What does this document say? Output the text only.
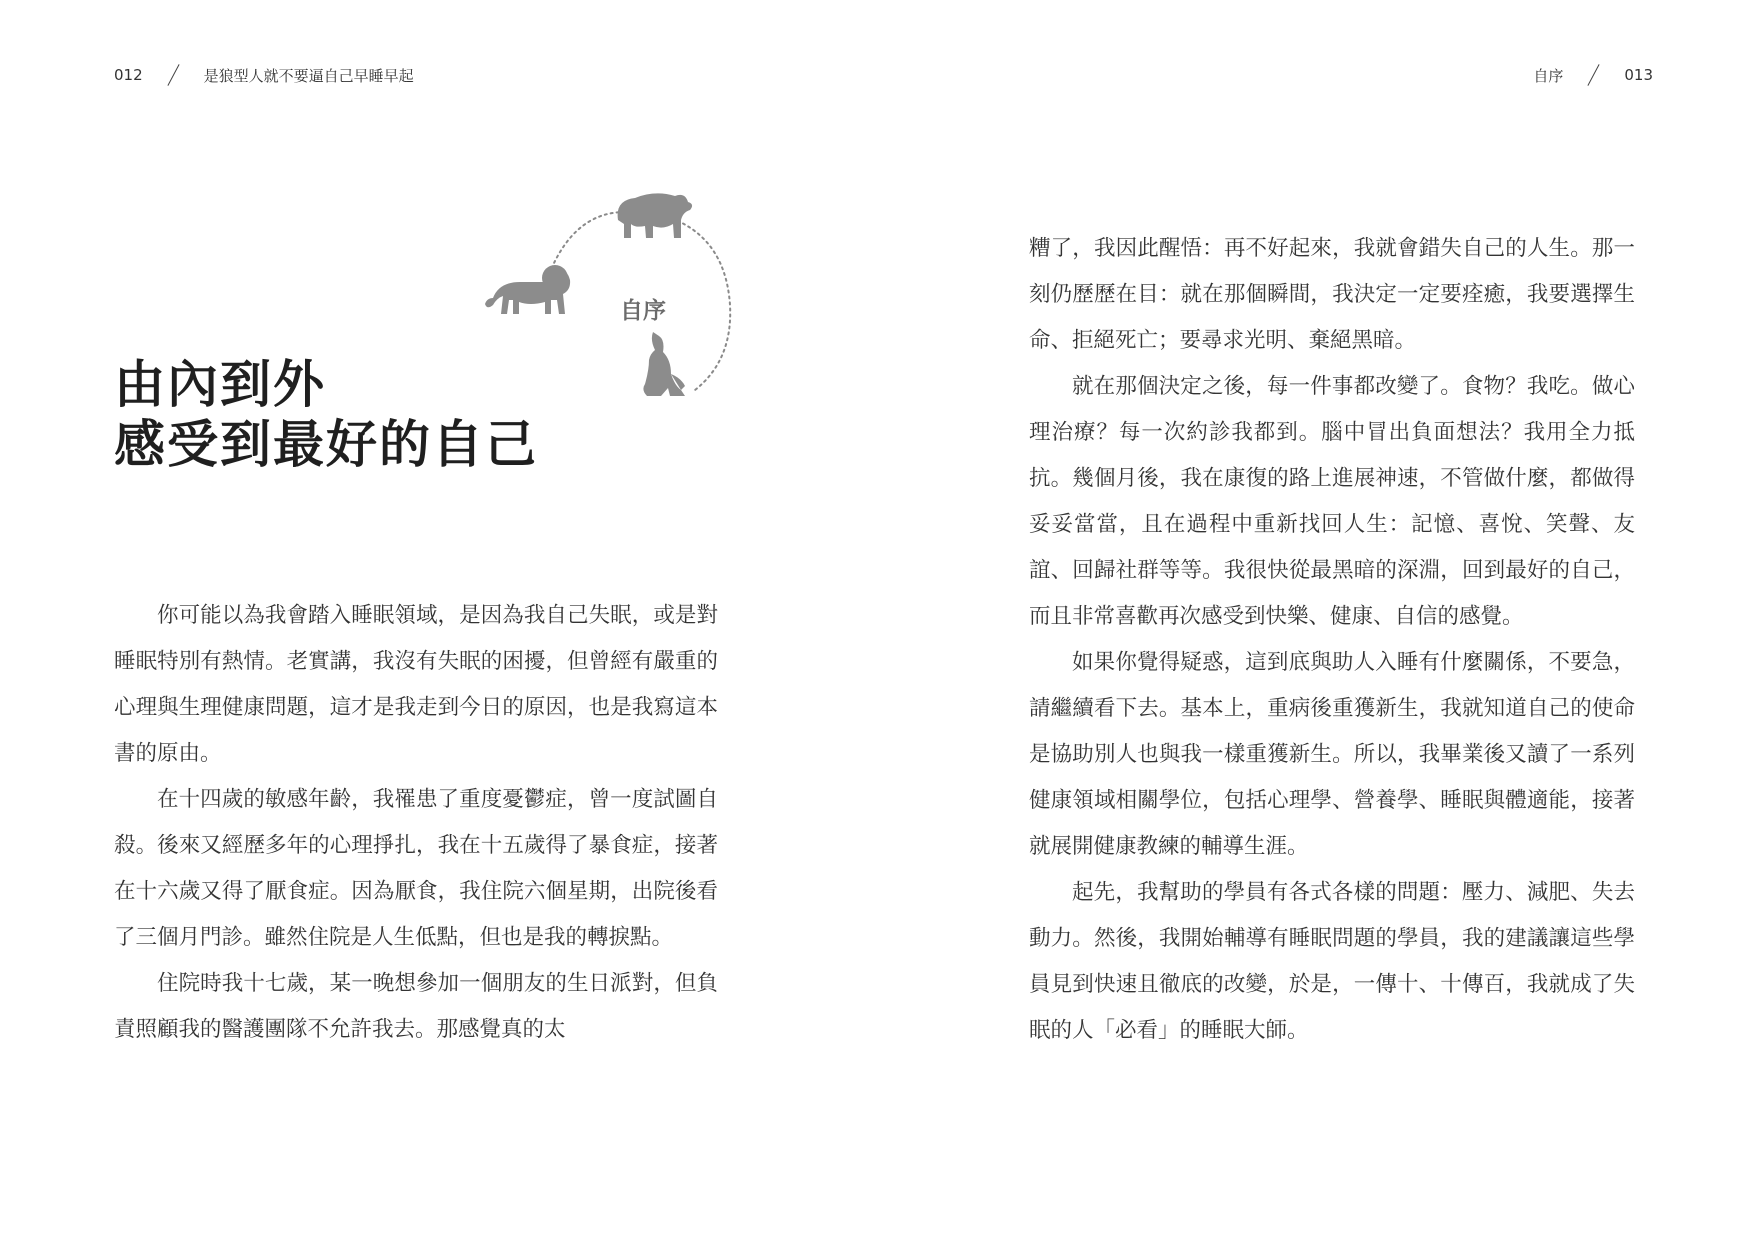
012	是狼型人就不要逼自己早睡早起
自序
由內到外
感受到最好的自己

你可能以為我會踏入睡眠領域，是因為我自己失眠，或是對睡眠特別有熱情。老實講，我沒有失眠的困擾，但曾經有嚴重的心理與生理健康問題，這才是我走到今日的原因，也是我寫這本書的原由。

在十四歲的敏感年齡，我罹患了重度憂鬱症，曾一度試圖自殺。後來又經歷多年的心理掙扎，我在十五歲得了暴食症，接著在十六歲又得了厭食症。因為厭食，我住院六個星期，出院後看了三個月門診。雖然住院是人生低點，但也是我的轉捩點。

住院時我十七歲，某一晚想參加一個朋友的生日派對，但負責照顧我的醫護團隊不允許我去。那感覺真的太

自序	013

糟了，我因此醒悟：再不好起來，我就會錯失自己的人生。那一刻仍歷歷在目：就在那個瞬間，我決定一定要痊癒，我要選擇生命、拒絕死亡；要尋求光明、棄絕黑暗。

就在那個決定之後，每一件事都改變了。食物？我吃。做心理治療？每一次約診我都到。腦中冒出負面想法？我用全力抵抗。幾個月後，我在康復的路上進展神速，不管做什麼，都做得妥妥當當，且在過程中重新找回人生：記憶、喜悅、笑聲、友誼、回歸社群等等。我很快從最黑暗的深淵，回到最好的自己，而且非常喜歡再次感受到快樂、健康、自信的感覺。

如果你覺得疑惑，這到底與助人入睡有什麼關係，不要急，請繼續看下去。基本上，重病後重獲新生，我就知道自己的使命是協助別人也與我一樣重獲新生。所以，我畢業後又讀了一系列健康領域相關學位，包括心理學、營養學、睡眠與體適能，接著就展開健康教練的輔導生涯。

起先，我幫助的學員有各式各樣的問題：壓力、減肥、失去動力。然後，我開始輔導有睡眠問題的學員，我的建議讓這些學員見到快速且徹底的改變，於是，一傳十、十傳百，我就成了失眠的人「必看」的睡眠大師。
